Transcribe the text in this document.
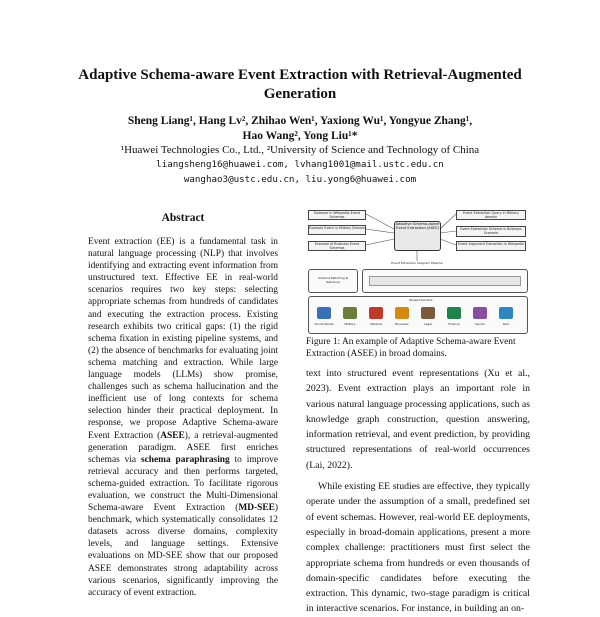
Adaptive Schema-aware Event Extraction with Retrieval-Augmented Generation
Sheng Liang¹, Hang Lv², Zhihao Wen¹, Yaxiong Wu¹, Yongyue Zhang¹,
Hao Wang², Yong Liu¹*
¹Huawei Technologies Co., Ltd., ²University of Science and Technology of China
liangsheng16@huawei.com, lvhang1001@mail.ustc.edu.cn
wanghao3@ustc.edu.cn, liu.yong6@huawei.com
Abstract
Event extraction (EE) is a fundamental task in natural language processing (NLP) that involves identifying and extracting event information from unstructured text. Effective EE in real-world scenarios requires two key steps: selecting appropriate schemas from hundreds of candidates and executing the extraction process. Existing research exhibits two critical gaps: (1) the rigid schema fixation in existing pipeline systems, and (2) the absence of benchmarks for evaluating joint schema matching and extraction. While large language models (LLMs) show promise, challenges such as schema hallucination and the inefficient use of long contexts for schema selection hinder their practical deployment. In response, we propose Adaptive Schema-aware Event Extraction (ASEE), a retrieval-augmented generation paradigm. ASEE first enriches schemas via schema paraphrasing to improve retrieval accuracy and then performs targeted, schema-guided extraction. To facilitate rigorous evaluation, we construct the Multi-Dimensional Schema-aware Event Extraction (MD-SEE) benchmark, which systematically consolidates 12 datasets across diverse domains, complexity levels, and language settings. Extensive evaluations on MD-SEE show that our proposed ASEE demonstrates strong adaptability across various scenarios, significantly improving the accuracy of event extraction.
Example in Wikipedia-Event Schemas
Example Event in Military Domain
Example of Business Event Schemas
Adaptive Schema-aware Event Extraction (ASEE)
Event Extraction Query in Military domain
Event Extraction Schema in Business Scenario
Event Argument Extraction in Wikipedia
Event Extraction Diagram Pipeline
Schema Matching & Retrieval
Broad Domains
Social Media	Military	Medical	Business	Legal	Finance	Sports	Tech
Figure 1: An example of Adaptive Schema-aware Event Extraction (ASEE) in broad domains.

text into structured event representations (Xu et al., 2023). Event extraction plays an important role in various natural language processing applications, such as knowledge graph construction, question answering, information retrieval, and event prediction, by providing structured representations of real-world occurrences (Lai, 2022).

While existing EE studies are effective, they typically operate under the assumption of a small, predefined set of event schemas. However, real-world EE deployments, especially in broad-domain applications, present a more complex challenge: practitioners must first select the appropriate schema from hundreds or even thousands of domain-specific candidates before executing the extraction. This dynamic, two-stage paradigm is critical in interactive scenarios. For instance, in building an on-
